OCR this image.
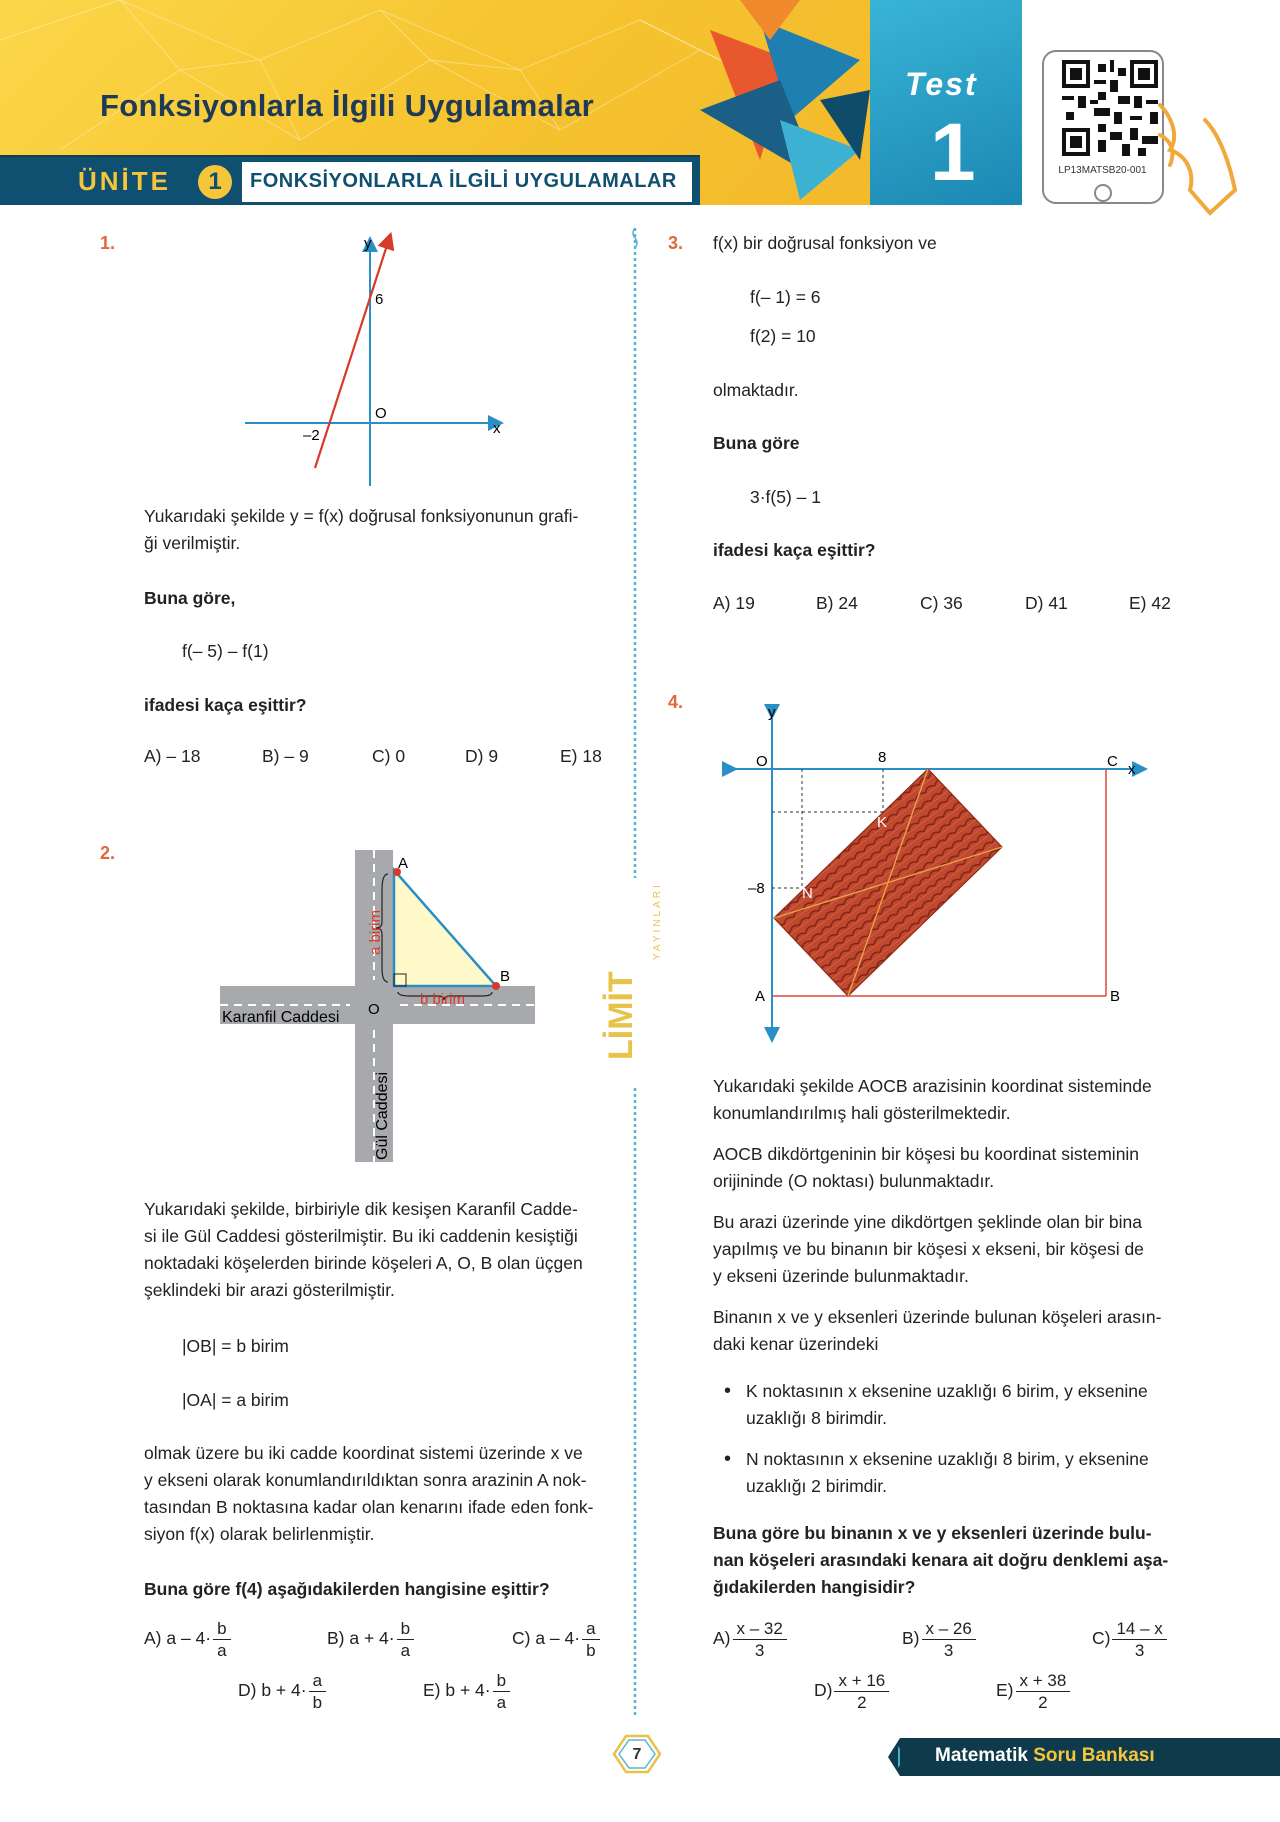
Fonksiyonlarla İlgili Uygulamalar
ÜNİTE	1	FONKSİYONLARLA İLGİLİ UYGULAMALAR
Test
1	LP13MATSB20-001
LİMİT
YAYINLARI
1.	y
x
O
6
–2
Yukarıdaki şekilde y = f(x) doğrusal fonksiyonunun grafi-
ği verilmiştir.
Buna göre,
f(– 5) – f(1)
ifadesi kaça eşittir?
A) – 18	B) – 9	C) 0	D) 9	E) 18
2.
A
B
O
a birim
b birim
Karanfil Caddesi
Gül Caddesi
Yukarıdaki şekilde, birbiriyle dik kesişen Karanfil Cadde-
si ile Gül Caddesi gösterilmiştir. Bu iki caddenin kesiştiği
noktadaki köşelerden birinde köşeleri A, O, B olan üçgen
şeklindeki bir arazi gösterilmiştir.
|OB| = b birim
|OA| = a birim
olmak üzere bu iki cadde koordinat sistemi üzerinde x ve
y ekseni olarak konumlandırıldıktan sonra arazinin A nok-
tasından B noktasına kadar olan kenarını ifade eden fonk-
siyon f(x) olarak belirlenmiştir.
Buna göre f(4) aşağıdakilerden hangisine eşittir?
A) $a - 4\cdot \frac{b}{a}$	B) $a + 4\cdot \frac{b}{a}$	C) $a - 4\cdot \frac{a}{b}$
D) $b + 4\cdot \frac{a}{b}$	E) $b + 4\cdot \frac{b}{a}$
3. f(x) bir doğrusal fonksiyon ve
f(– 1) = 6
f(2) = 10
olmaktadır.
Buna göre
3·f(5) – 1
ifadesi kaça eşittir?
A) 19	B) 24	C) 36	D) 41	E) 42
4.
y
x
O	C
A	B
8
–8
K
N
Yukarıdaki şekilde AOCB arazisinin koordinat sisteminde
konumlandırılmış hali gösterilmektedir.
AOCB dikdörtgeninin bir köşesi bu koordinat sisteminin
orijininde (O noktası) bulunmaktadır.
Bu arazi üzerinde yine dikdörtgen şeklinde olan bir bina
yapılmış ve bu binanın bir köşesi x ekseni, bir köşesi de
y ekseni üzerinde bulunmaktadır.
Binanın x ve y eksenleri üzerinde bulunan köşeleri arasın-
daki kenar üzerindeki
• K noktasının x eksenine uzaklığı 6 birim, y eksenine
uzaklığı 8 birimdir.
• N noktasının x eksenine uzaklığı 8 birim, y eksenine
uzaklığı 2 birimdir.
Buna göre bu binanın x ve y eksenleri üzerinde bulu-
nan köşeleri arasındaki kenara ait doğru denklemi aşa-
ğıdakilerden hangisidir?
$A) \frac{x - 32}{3}$	$B) \frac{x - 26}{3}$	$C) \frac{14 - x}{3}$
$D) \frac{x + 16}{2}$	$E) \frac{x + 38}{2}$
7	Matematik Soru Bankası
